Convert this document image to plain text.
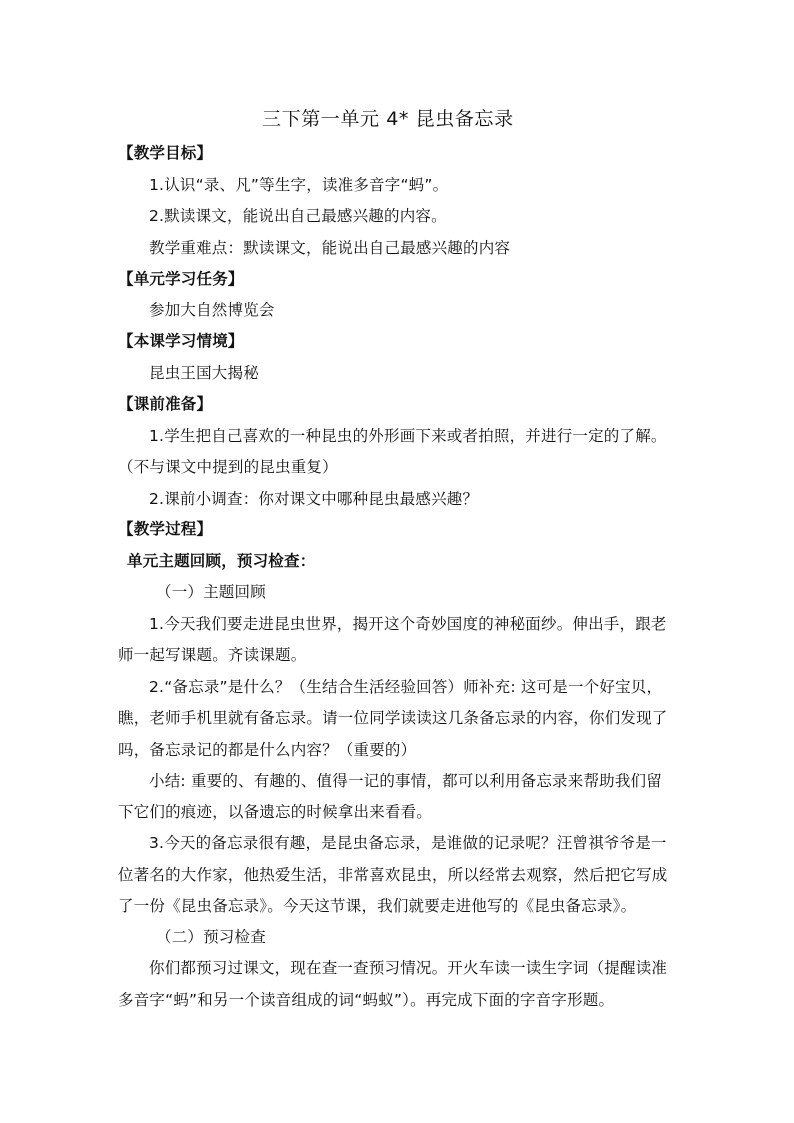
三下第一单元 4* 昆虫备忘录
【教学目标】
1.认识“录、凡”等生字，读准多音字“蚂”。
2.默读课文，能说出自己最感兴趣的内容。
教学重难点：默读课文，能说出自己最感兴趣的内容
【单元学习任务】
参加大自然博览会
【本课学习情境】
昆虫王国大揭秘
【课前准备】
1.学生把自己喜欢的一种昆虫的外形画下来或者拍照，并进行一定的了解。
（不与课文中提到的昆虫重复）
2.课前小调查：你对课文中哪种昆虫最感兴趣？
【教学过程】
单元主题回顾，预习检查：
（一）主题回顾
1.今天我们要走进昆虫世界，揭开这个奇妙国度的神秘面纱。伸出手，跟老
师一起写课题。齐读课题。
2.“备忘录”是什么？（生结合生活经验回答）师补充: 这可是一个好宝贝，
瞧，老师手机里就有备忘录。请一位同学读读这几条备忘录的内容，你们发现了
吗，备忘录记的都是什么内容？（重要的）
小结: 重要的、有趣的、值得一记的事情，都可以利用备忘录来帮助我们留
下它们的痕迹，以备遗忘的时候拿出来看看。
3.今天的备忘录很有趣，是昆虫备忘录，是谁做的记录呢？汪曾祺爷爷是一
位著名的大作家，他热爱生活，非常喜欢昆虫，所以经常去观察，然后把它写成
了一份《昆虫备忘录》。今天这节课，我们就要走进他写的《昆虫备忘录》。
（二）预习检查
你们都预习过课文，现在查一查预习情况。开火车读一读生字词（提醒读准
多音字“蚂”和另一个读音组成的词“蚂蚁”）。再完成下面的字音字形题。
